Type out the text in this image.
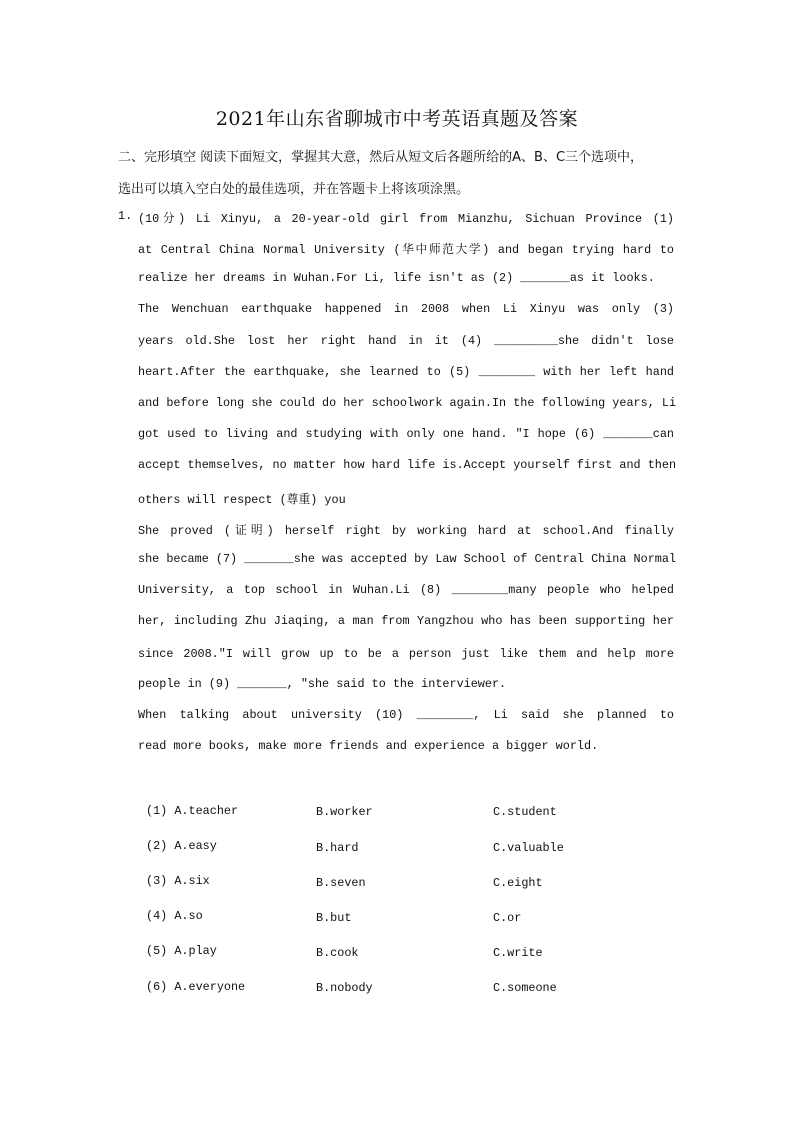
2021年山东省聊城市中考英语真题及答案
二、完形填空 阅读下面短文，掌握其大意，然后从短文后各题所给的A、B、C三个选项中，
选出可以填入空白处的最佳选项，并在答题卡上将该项涂黑。
1. (10分) Li Xinyu, a 20-year-old girl from Mianzhu, Sichuan Province (1)
at Central China Normal University (华中师范大学) and began trying hard to
realize her dreams in Wuhan.For Li, life isn't as (2) _______as it looks.
The Wenchuan earthquake happened in 2008 when Li Xinyu was only (3)
years old.She lost her right hand in it (4) _________she didn't lose
heart.After the earthquake, she learned to (5) ________ with her left hand
and before long she could do her schoolwork again.In the following years, Li
got used to living and studying with only one hand. "I hope (6) _______can
accept themselves, no matter how hard life is.Accept yourself first and then
others will respect (尊重) you
She proved (证明) herself right by working hard at school.And finally
she became (7) _______she was accepted by Law School of Central China Normal
University, a top school in Wuhan.Li (8) ________many people who helped
her, including Zhu Jiaqing, a man from Yangzhou who has been supporting her
since 2008."I will grow up to be a person just like them and help more
people in (9) _______, "she said to the interviewer.
When talking about university (10) ________, Li said she planned to
read more books, make more friends and experience a bigger world.
(1) A.teacher	B.worker	C.student
(2) A.easy	B.hard	C.valuable
(3) A.six	B.seven	C.eight
(4) A.so	B.but	C.or
(5) A.play	B.cook	C.write
(6) A.everyone	B.nobody	C.someone
